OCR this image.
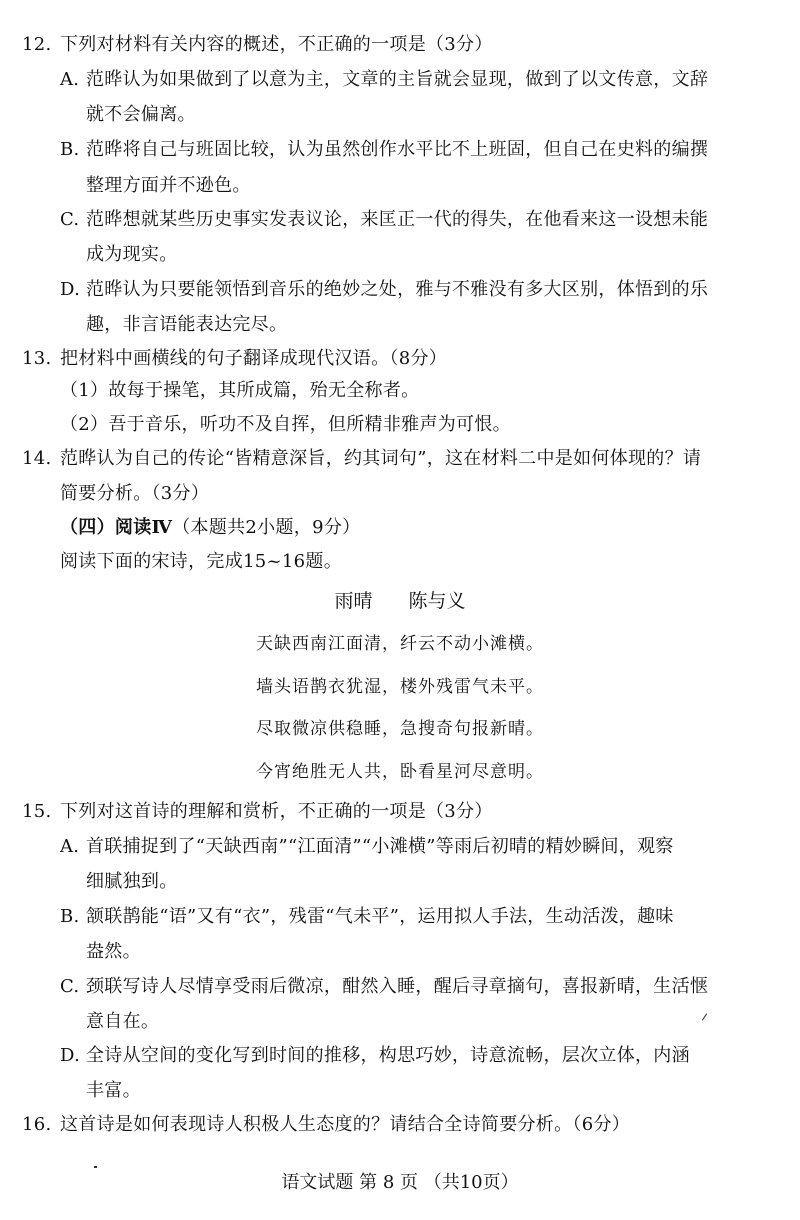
12. 下列对材料有关内容的概述，不正确的一项是（3分）
A. 范晔认为如果做到了以意为主，文章的主旨就会显现，做到了以文传意，文辞
就不会偏离。
B. 范晔将自己与班固比较，认为虽然创作水平比不上班固，但自己在史料的编撰
整理方面并不逊色。
C. 范晔想就某些历史事实发表议论，来匡正一代的得失，在他看来这一设想未能
成为现实。
D. 范晔认为只要能领悟到音乐的绝妙之处，雅与不雅没有多大区别，体悟到的乐
趣，非言语能表达完尽。
13. 把材料中画横线的句子翻译成现代汉语。（8分）
（1）故每于操笔，其所成篇，殆无全称者。
（2）吾于音乐，听功不及自挥，但所精非雅声为可恨。
14. 范晔认为自己的传论“皆精意深旨，约其词句”，这在材料二中是如何体现的？请
简要分析。（3分）
（四）阅读Ⅳ（本题共2小题，9分）
阅读下面的宋诗，完成15~16题。
雨晴 陈与义
天缺西南江面清，纤云不动小滩横。
墙头语鹊衣犹湿，楼外残雷气未平。
尽取微凉供稳睡，急搜奇句报新晴。
今宵绝胜无人共，卧看星河尽意明。
15. 下列对这首诗的理解和赏析，不正确的一项是（3分）
A. 首联捕捉到了“天缺西南”“江面清”“小滩横”等雨后初晴的精妙瞬间，观察
细腻独到。
B. 颔联鹊能“语”又有“衣”，残雷“气未平”，运用拟人手法，生动活泼，趣味
盎然。
C. 颈联写诗人尽情享受雨后微凉，酣然入睡，醒后寻章摘句，喜报新晴，生活惬
意自在。
D. 全诗从空间的变化写到时间的推移，构思巧妙，诗意流畅，层次立体，内涵
丰富。
16. 这首诗是如何表现诗人积极人生态度的？请结合全诗简要分析。（6分）
语文试题 第 8 页 （共10页）
